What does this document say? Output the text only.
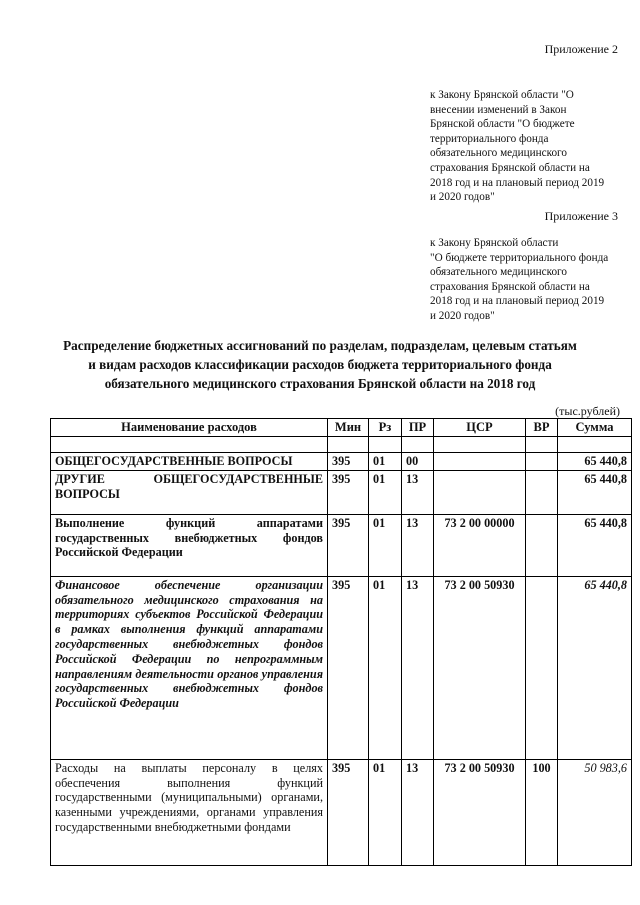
Приложение 2
к Закону Брянской области "О
внесении изменений в Закон
Брянской области "О бюджете
территориального фонда
обязательного медицинского
страхования Брянской области на
2018 год и на плановый период 2019
и 2020 годов"
Приложение 3
к Закону Брянской области
"О бюджете территориального фонда
обязательного медицинского
страхования Брянской области на
2018 год и на плановый период 2019
и 2020 годов"
Распределение бюджетных ассигнований по разделам, подразделам, целевым статьям
и видам расходов классификации расходов бюджета территориального фонда
обязательного медицинского страхования Брянской области на 2018 год
(тыс.рублей)
Наименование расходов	Мин	Рз	ПР	ЦСР	ВР	Сумма

ОБЩЕГОСУДАРСТВЕННЫЕ ВОПРОСЫ	395	01	00			65 440,8
ДРУГИЕ ОБЩЕГОСУДАРСТВЕННЫЕ ВОПРОСЫ	395	01	13			65 440,8
Выполнение функций аппаратами государственных внебюджетных фондов Российской Федерации	395	01	13	73 2 00 00000		65 440,8
Финансовое обеспечение организации обязательного медицинского страхования на территориях субъектов Российской Федерации в рамках выполнения функций аппаратами государственных внебюджетных фондов Российской Федерации по непрограммным направлениям деятельности органов управления государственных внебюджетных фондов Российской Федерации	395	01	13	73 2 00 50930		65 440,8
Расходы на выплаты персоналу в целях обеспечения выполнения функций государственными (муниципальными) органами, казенными учреждениями, органами управления государственными внебюджетными фондами	395	01	13	73 2 00 50930	100	50 983,6
